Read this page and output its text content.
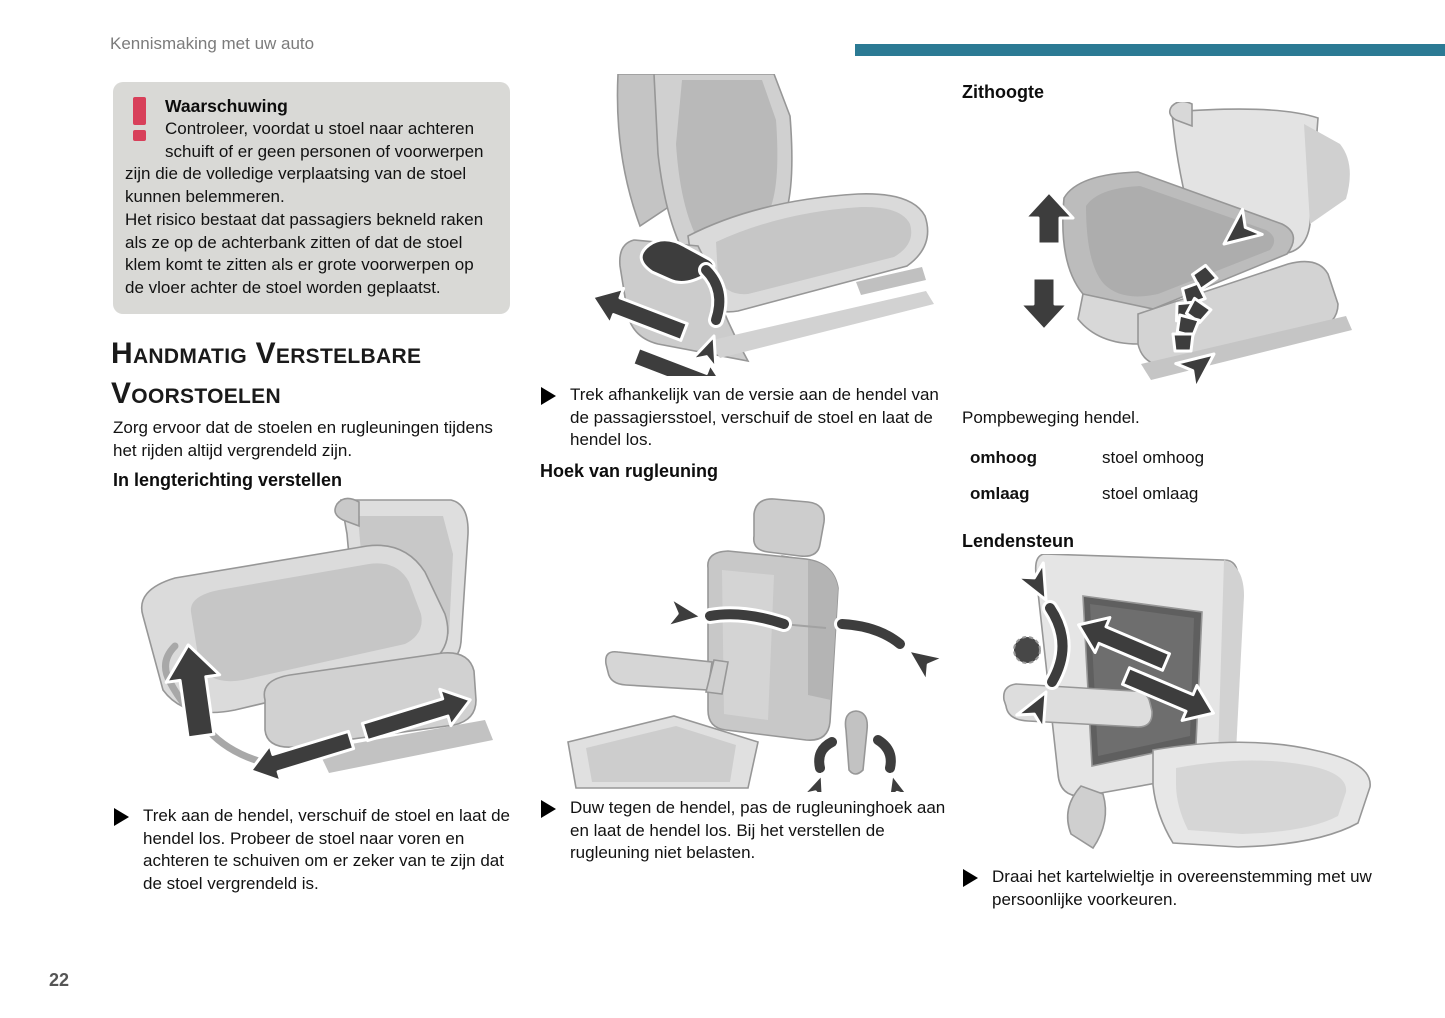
Kennismaking met uw auto
Waarschuwing

Controleer, voordat u stoel naar achteren schuift of er geen personen of voorwerpen zijn die de volledige verplaatsing van de stoel kunnen belemmeren.

Het risico bestaat dat passagiers bekneld raken als ze op de achterbank zitten of dat de stoel klem komt te zitten als er grote voorwerpen op de vloer achter de stoel worden geplaatst.

Handmatig Verstelbare Voorstoelen

Zorg ervoor dat de stoelen en rugleuningen tijdens het rijden altijd vergrendeld zijn.

In lengterichting verstellen
Trek aan de hendel, verschuif de stoel en laat de hendel los. Probeer de stoel naar voren en achteren te schuiven om er zeker van te zijn dat de stoel vergrendeld is.
Trek afhankelijk van de versie aan de hendel van de passagiersstoel, verschuif de stoel en laat de hendel los.
Hoek van rugleuning
Duw tegen de hendel, pas de rugleuninghoek aan en laat de hendel los. Bij het verstellen de rugleuning niet belasten.
Zithoogte

Pompbeweging hendel.

omhoog	stoel omhoog
omlaag	stoel omlaag
Lendensteun
Draai het kartelwieltje in overeenstemming met uw persoonlijke voorkeuren.
22
